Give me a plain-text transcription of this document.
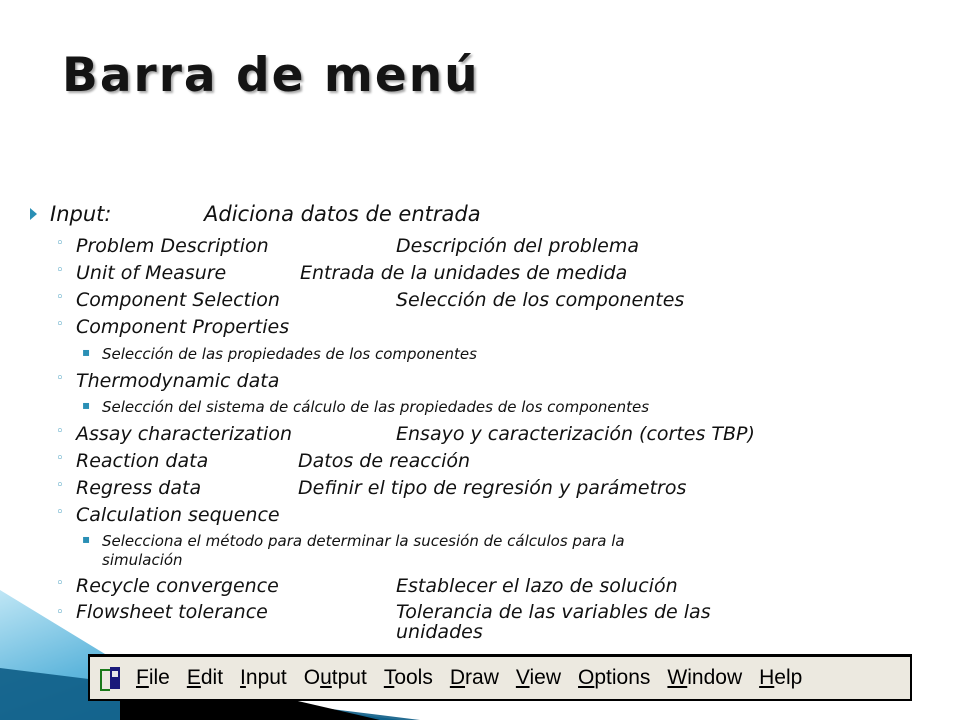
Barra de menú
Input:	Adiciona datos de entrada
◦ Problem Description	Descripción del problema
◦ Unit of Measure	Entrada de la unidades de medida
◦ Component Selection	Selección de los componentes
◦ Component Properties
▪ Selección de las propiedades de los componentes
◦ Thermodynamic data
▪ Selección del sistema de cálculo de las propiedades de los componentes
◦ Assay characterization	Ensayo y caracterización (cortes TBP)
◦ Reaction data	Datos de reacción
◦ Regress data	Definir el tipo de regresión y parámetros
◦ Calculation sequence
▪ Selecciona el método para determinar la sucesión de cálculos para la
simulación
◦ Recycle convergence	Establecer el lazo de solución
◦ Flowsheet tolerance	Tolerancia de las variables de las unidades
File Edit Input Output Tools Draw View Options Window Help
